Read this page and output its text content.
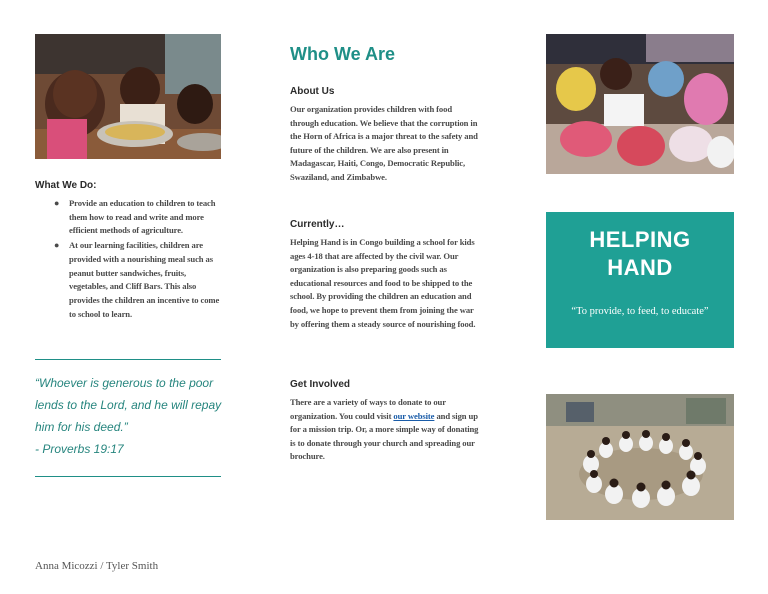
What We Do:

● Provide an education to children to teach them how to read and write and more efficient methods of agriculture.
● At our learning facilities, children are provided with a nourishing meal such as peanut butter sandwiches, fruits, vegetables, and Cliff Bars. This also provides the children an incentive to come to school to learn.

“Whoever is generous to the poor lends to the Lord, and he will repay him for his deed.”
- Proverbs 19:17

Anna Micozzi / Tyler Smith

Who We Are

About Us

Our organization provides children with food through education. We believe that the corruption in the Horn of Africa is a major threat to the safety and future of the children. We are also present in Madagascar, Haiti, Congo, Democratic Republic, Swaziland, and Zimbabwe.

Currently…

Helping Hand is in Congo building a school for kids ages 4-18 that are affected by the civil war. Our organization is also preparing goods such as educational resources and food to be shipped to the school. By providing the children an education and food, we hope to prevent them from joining the war by offering them a steady source of nourishing food.

Get Involved

There are a variety of ways to donate to our organization. You could visit our website and sign up for a mission trip. Or, a more simple way of donating is to donate through your church and spreading our brochure.

HELPING HAND
“To provide, to feed, to educate”
